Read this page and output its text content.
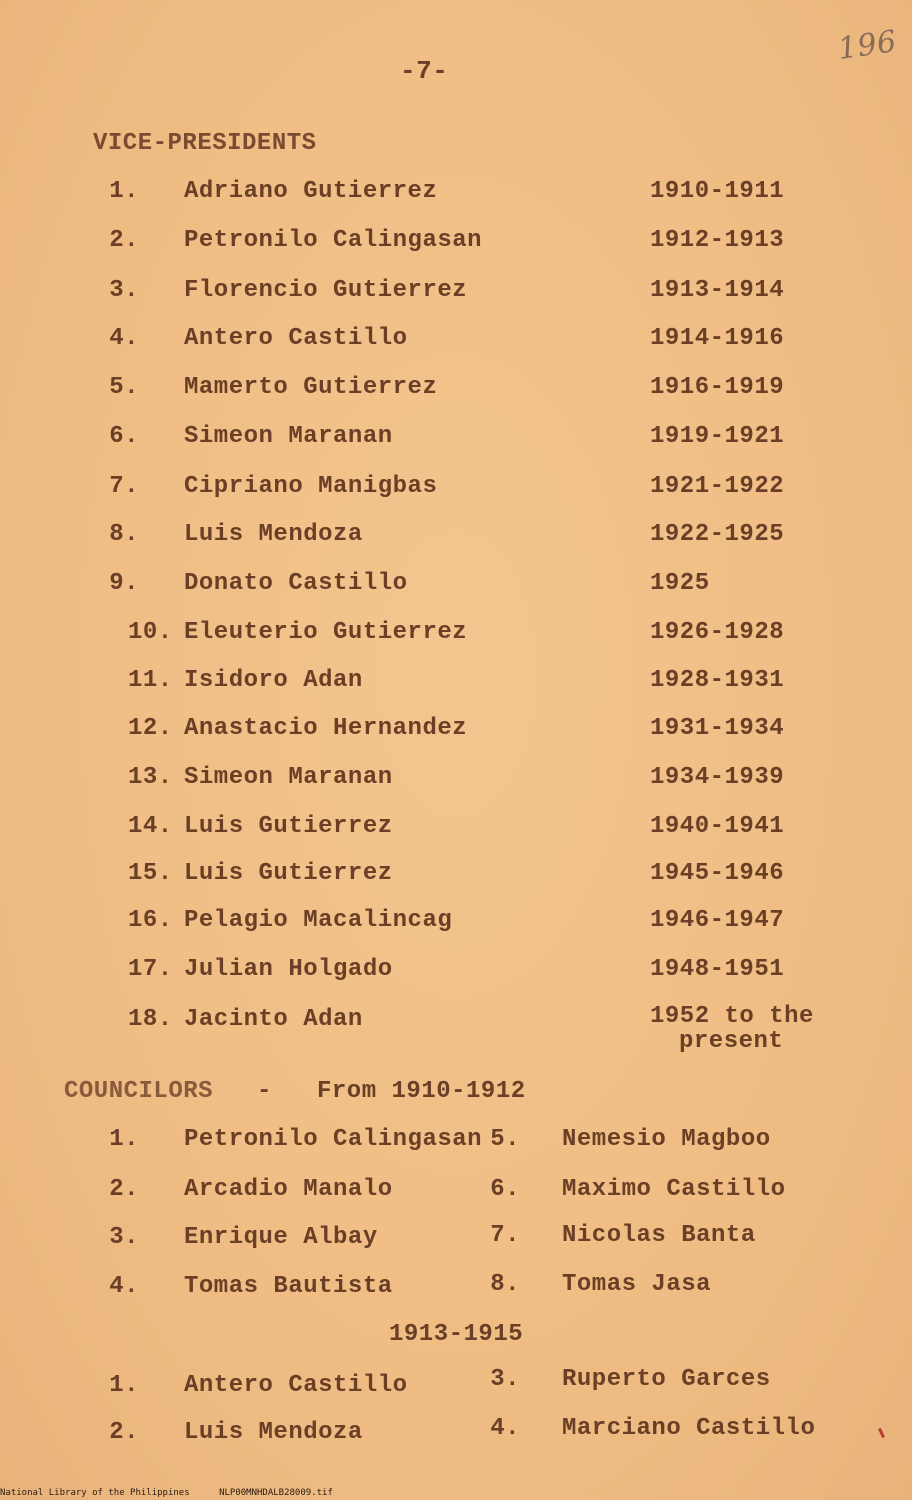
-7-
196
VICE-PRESIDENTS
1. Adriano Gutierrez	1910-1911
2. Petronilo Calingasan	1912-1913
3. Florencio Gutierrez	1913-1914
4. Antero Castillo	1914-1916
5. Mamerto Gutierrez	1916-1919
6. Simeon Maranan	1919-1921
7. Cipriano Manigbas	1921-1922
8. Luis Mendoza	1922-1925
9. Donato Castillo	1925
10. Eleuterio Gutierrez	1926-1928
11. Isidoro Adan	1928-1931
12. Anastacio Hernandez	1931-1934
13. Simeon Maranan	1934-1939
14. Luis Gutierrez	1940-1941
15. Luis Gutierrez	1945-1946
16. Pelagio Macalincag	1946-1947
17. Julian Holgado	1948-1951
18. Jacinto Adan	1952 to the
present
COUNCILORS - From 1910-1912
1. Petronilo Calingasan 5. Nemesio Magboo
2. Arcadio Manalo	6. Maximo Castillo
3. Enrique Albay	7. Nicolas Banta
4. Tomas Bautista	8. Tomas Jasa
1913-1915
1. Antero Castillo	3. Ruperto Garces
2. Luis Mendoza	4. Marciano Castillo
National Library of the Philippines	NLP00MNHDALB28009.tif
